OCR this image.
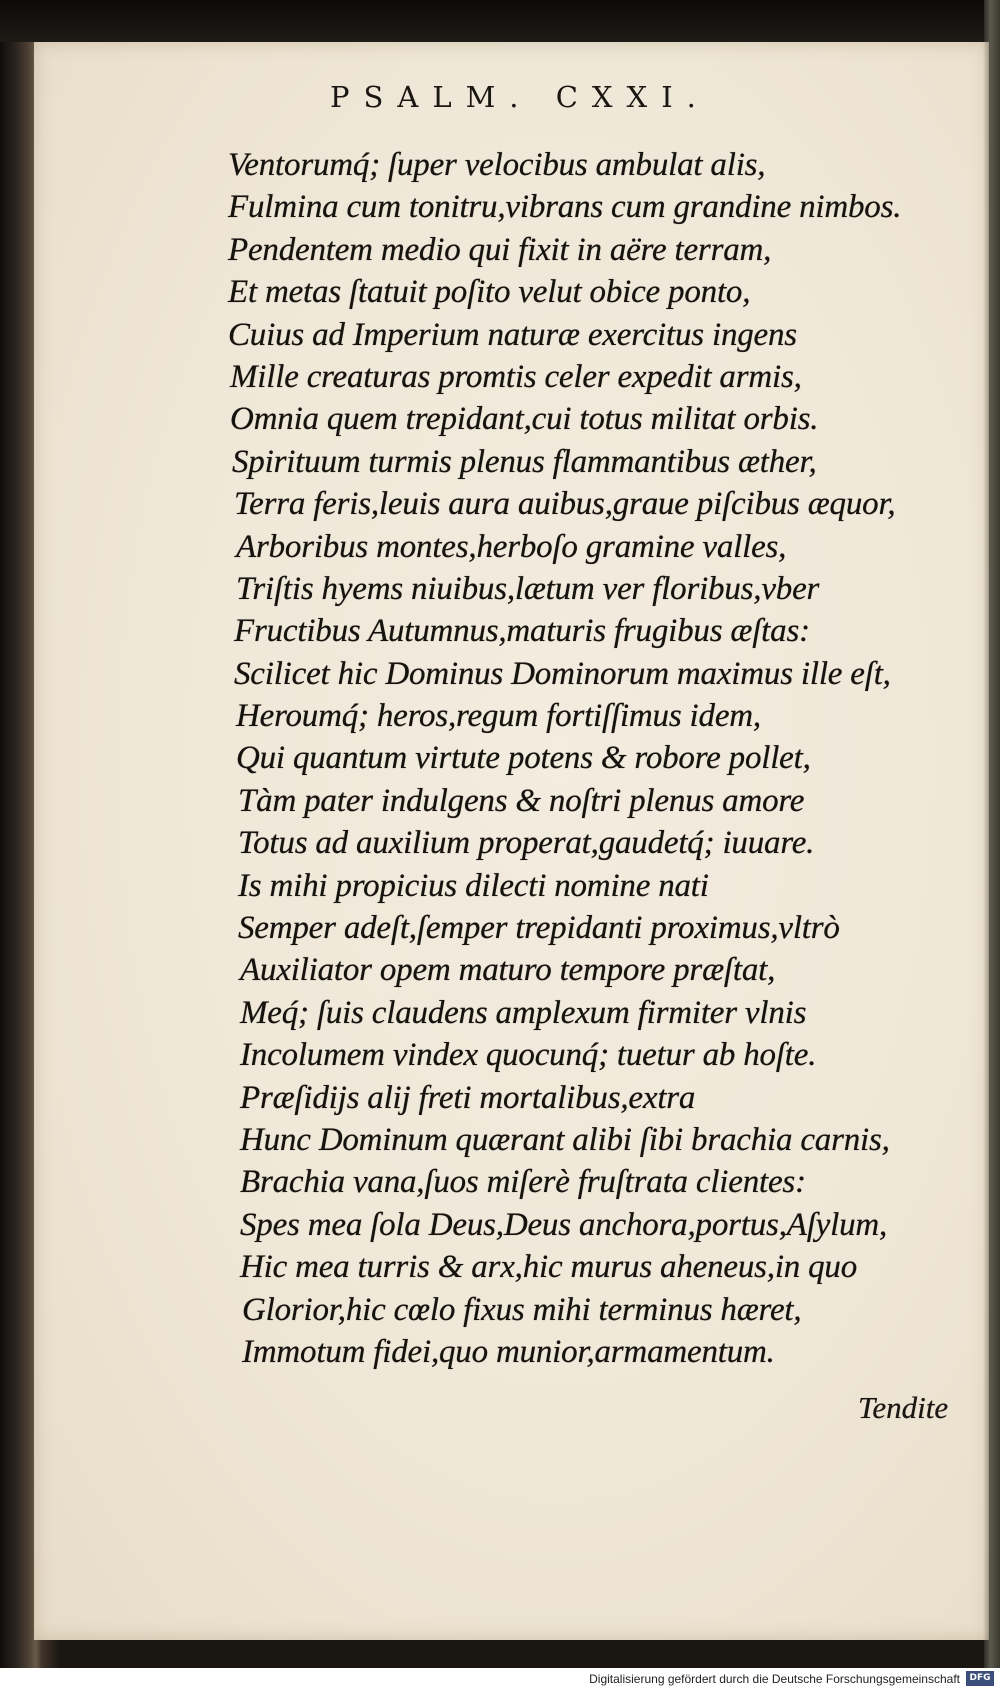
PSALM. CXXI.
Ventorumq́; ſuper velocibus ambulat alis,
Fulmina cum tonitru,vibrans cum grandine nimbos.
Pendentem medio qui fixit in aëre terram,
Et metas ſtatuit poſito velut obice ponto,
Cuius ad Imperium naturæ exercitus ingens
Mille creaturas promtis celer expedit armis,
Omnia quem trepidant,cui totus militat orbis.
Spirituum turmis plenus flammantibus æther,
Terra feris,leuis aura auibus,graue piſcibus æquor,
Arboribus montes,herboſo gramine valles,
Triſtis hyems niuibus,lætum ver floribus,vber
Fructibus Autumnus,maturis frugibus æſtas:
Scilicet hic Dominus Dominorum maximus ille eſt,
Heroumq́; heros,regum fortiſſimus idem,
Qui quantum virtute potens & robore pollet,
Tàm pater indulgens & noſtri plenus amore
Totus ad auxilium properat,gaudetq́; iuuare.
Is mihi propicius dilecti nomine nati
Semper adeſt,ſemper trepidanti proximus,vltrò
Auxiliator opem maturo tempore præſtat,
Meq́; ſuis claudens amplexum firmiter vlnis
Incolumem vindex quocunq́; tuetur ab hoſte.
Præſidijs alij freti mortalibus,extra
Hunc Dominum quærant alibi ſibi brachia carnis,
Brachia vana,ſuos miſerè fruſtrata clientes:
Spes mea ſola Deus,Deus anchora,portus,Aſylum,
Hic mea turris & arx,hic murus aheneus,in quo
Glorior,hic cœlo fixus mihi terminus hæret,
Immotum fidei,quo munior,armamentum.
Tendite
Digitalisierung gefördert durch die Deutsche Forschungsgemeinschaft	DFG
